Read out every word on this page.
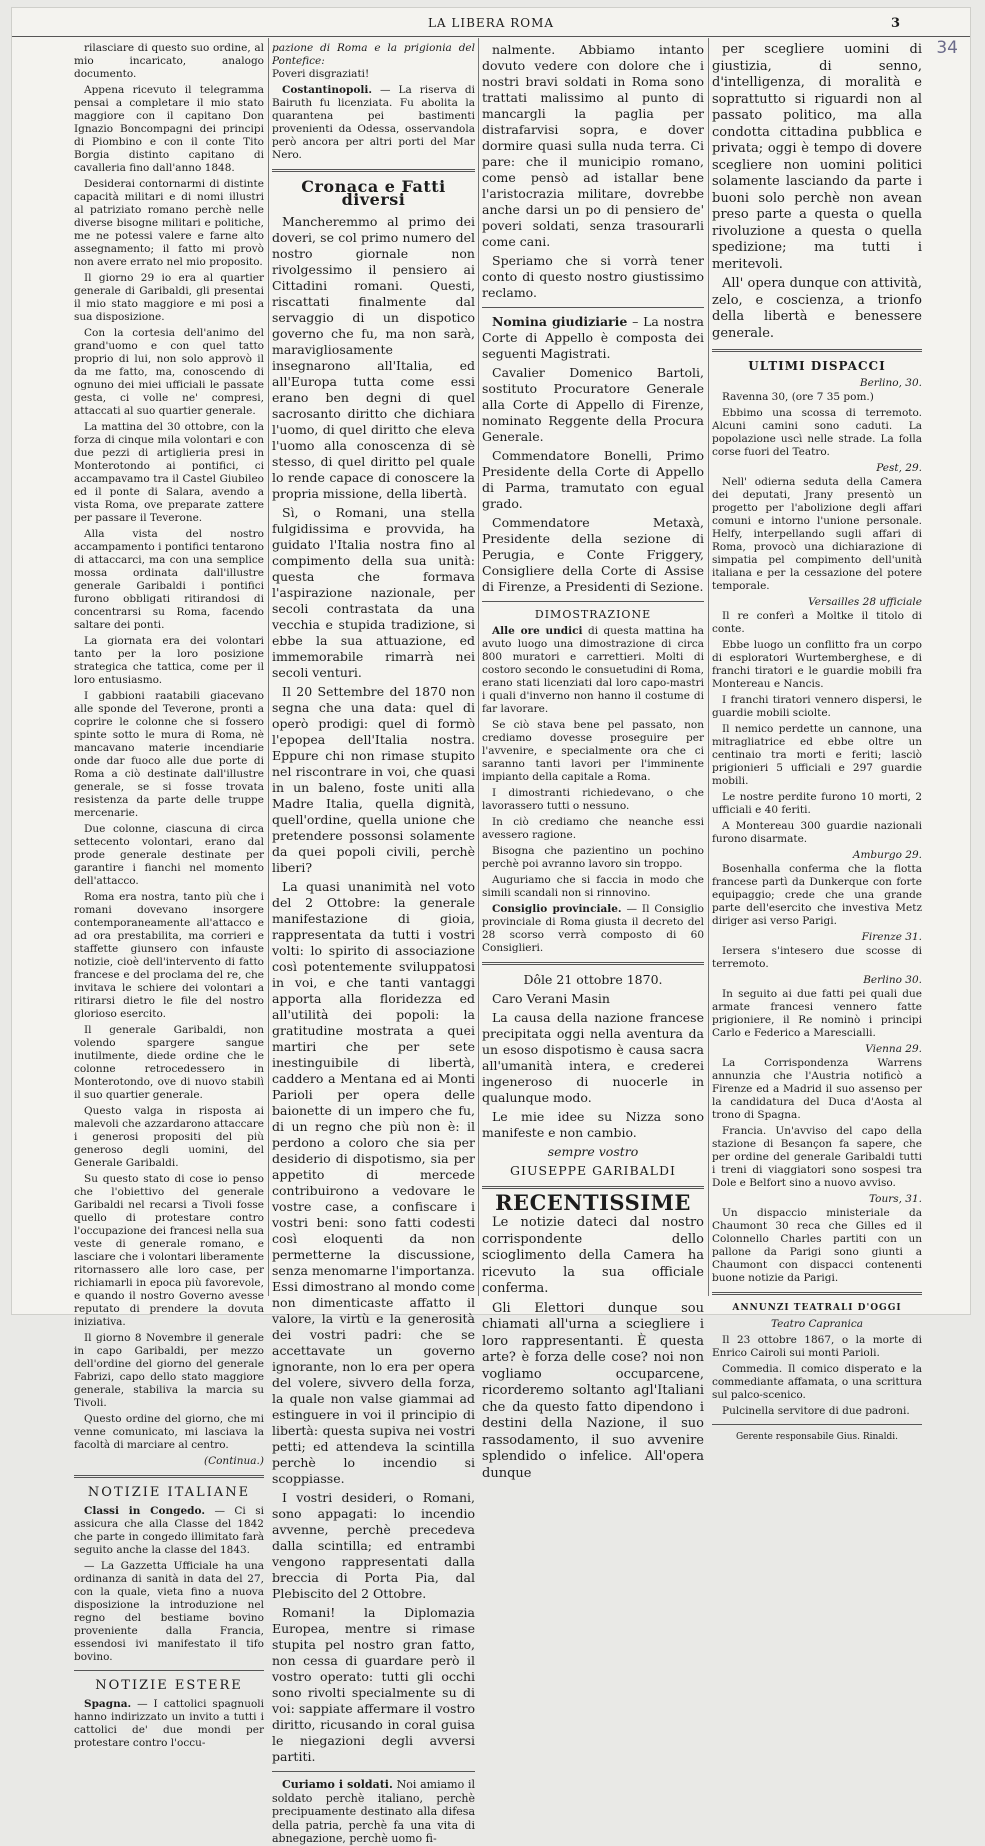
LA LIBERA ROMA	3
34

rilasciare di questo suo ordine, al mio incaricato, analogo documento.

Appena ricevuto il telegramma pensai a completare il mio stato maggiore con il capitano Don Ignazio Boncompagni dei principi di Piombino e con il conte Tito Borgia distinto capitano di cavalleria fino dall'anno 1848.

Desiderai contornarmi di distinte capacità militari e di nomi illustri al patriziato romano perchè nelle diverse bisogne militari e politiche, me ne potessi valere e farne alto assegnamento; il fatto mi provò non avere errato nel mio proposito.

Il giorno 29 io era al quartier generale di Garibaldi, gli presentai il mio stato maggiore e mi posi a sua disposizione.

Con la cortesia dell'animo del grand'uomo e con quel tatto proprio di lui, non solo approvò il da me fatto, ma, conoscendo di ognuno dei miei ufficiali le passate gesta, ci volle ne' compresi, attaccati al suo quartier generale.

La mattina del 30 ottobre, con la forza di cinque mila volontari e con due pezzi di artiglieria presi in Monterotondo ai pontifici, ci accampavamo tra il Castel Giubileo ed il ponte di Salara, avendo a vista Roma, ove preparate zattere per passare il Teverone.

Alla vista del nostro accampamento i pontifici tentarono di attaccarci, ma con una semplice mossa ordinata dall'illustre generale Garibaldi i pontifici furono obbligati ritirandosi di concentrarsi su Roma, facendo saltare dei ponti.

La giornata era dei volontari tanto per la loro posizione strategica che tattica, come per il loro entusiasmo.

I gabbioni raatabili giacevano alle sponde del Teverone, pronti a coprire le colonne che si fossero spinte sotto le mura di Roma, nè mancavano materie incendiarie onde dar fuoco alle due porte di Roma a ciò destinate dall'illustre generale, se si fosse trovata resistenza da parte delle truppe mercenarie.

Due colonne, ciascuna di circa settecento volontari, erano dal prode generale destinate per garantire i fianchi nel momento dell'attacco.

Roma era nostra, tanto più che i romani dovevano insorgere contemporaneamente all'attacco e ad ora prestabilita, ma corrieri e staffette giunsero con infauste notizie, cioè dell'intervento di fatto francese e del proclama del re, che invitava le schiere dei volontari a ritirarsi dietro le file del nostro glorioso esercito.

Il generale Garibaldi, non volendo spargere sangue inutilmente, diede ordine che le colonne retrocedessero in Monterotondo, ove di nuovo stabilì il suo quartier generale.

Questo valga in risposta ai malevoli che azzardarono attaccare i generosi propositi del più generoso degli uomini, del Generale Garibaldi.

Su questo stato di cose io penso che l'obiettivo del generale Garibaldi nel recarsi a Tivoli fosse quello di protestare contro l'occupazione dei francesi nella sua veste di generale romano, e lasciare che i volontari liberamente ritornassero alle loro case, per richiamarli in epoca più favorevole, e quando il nostro Governo avesse reputato di prendere la dovuta iniziativa.

Il giorno 8 Novembre il generale in capo Garibaldi, per mezzo dell'ordine del giorno del generale Fabrizi, capo dello stato maggiore generale, stabiliva la marcia su Tivoli.

Questo ordine del giorno, che mi venne comunicato, mi lasciava la facoltà di marciare al centro.

(Continua.)

NOTIZIE ITALIANE

Classi in Congedo. — Ci si assicura che alla Classe del 1842 che parte in congedo illimitato farà seguito anche la classe del 1843.

— La Gazzetta Ufficiale ha una ordinanza di sanità in data del 27, con la quale, vieta fino a nuova disposizione la introduzione nel regno del bestiame bovino proveniente dalla Francia, essendosi ivi manifestato il tifo bovino.

NOTIZIE ESTERE

Spagna. — I cattolici spagnuoli hanno indirizzato un invito a tutti i cattolici de' due mondi per protestare contro l'occu-

pazione di Roma e la prigionia del Pontefice:
Poveri disgraziati!

Costantinopoli. — La riserva di Bairuth fu licenziata. Fu abolita la quarantena pei bastimenti provenienti da Odessa, osservandola però ancora per altri porti del Mar Nero.

Cronaca e Fatti diversi

Mancheremmo al primo dei doveri, se col primo numero del nostro giornale non rivolgessimo il pensiero ai Cittadini romani. Questi, riscattati finalmente dal servaggio di un dispotico governo che fu, ma non sarà, maravigliosamente insegnarono all'Italia, ed all'Europa tutta come essi erano ben degni di quel sacrosanto diritto che dichiara l'uomo, di quel diritto che eleva l'uomo alla conoscenza di sè stesso, di quel diritto pel quale lo rende capace di conoscere la propria missione, della libertà.

Sì, o Romani, una stella fulgidissima e provvida, ha guidato l'Italia nostra fino al compimento della sua unità: questa che formava l'aspirazione nazionale, per secoli contrastata da una vecchia e stupida tradizione, si ebbe la sua attuazione, ed immemorabile rimarrà nei secoli venturi.

Il 20 Settembre del 1870 non segna che una data: quel di operò prodigi: quel di formò l'epopea dell'Italia nostra. Eppure chi non rimase stupito nel riscontrare in voi, che quasi in un baleno, foste uniti alla Madre Italia, quella dignità, quell'ordine, quella unione che pretendere possonsi solamente da quei popoli civili, perchè liberi?

La quasi unanimità nel voto del 2 Ottobre: la generale manifestazione di gioia, rappresentata da tutti i vostri volti: lo spirito di associazione così potentemente sviluppatosi in voi, e che tanti vantaggi apporta alla floridezza ed all'utilità dei popoli: la gratitudine mostrata a quei martiri che per sete inestinguibile di libertà, caddero a Mentana ed ai Monti Parioli per opera delle baionette di un impero che fu, di un regno che più non è: il perdono a coloro che sia per desiderio di dispotismo, sia per appetito di mercede contribuirono a vedovare le vostre case, a confiscare i vostri beni: sono fatti codesti così eloquenti da non permetterne la discussione, senza menomarne l'importanza. Essi dimostrano al mondo come non dimenticaste affatto il valore, la virtù e la generosità dei vostri padri: che se accettavate un governo ignorante, non lo era per opera del volere, sivvero della forza, la quale non valse giammai ad estinguere in voi il principio di libertà: questa supiva nei vostri petti; ed attendeva la scintilla perchè lo incendio si scoppiasse.

I vostri desideri, o Romani, sono appagati: lo incendio avvenne, perchè precedeva dalla scintilla; ed entrambi vengono rappresentati dalla breccia di Porta Pia, dal Plebiscito del 2 Ottobre.

Romani! la Diplomazia Europea, mentre si rimase stupita pel nostro gran fatto, non cessa di guardare però il vostro operato: tutti gli occhi sono rivolti specialmente su di voi: sappiate affermare il vostro diritto, ricusando in coral guisa le niegazioni degli avversi partiti.

Curiamo i soldati. Noi amiamo il soldato perchè italiano, perchè precipuamente destinato alla difesa della patria, perchè fa una vita di abnegazione, perchè uomo fi-

nalmente. Abbiamo intanto dovuto vedere con dolore che i nostri bravi soldati in Roma sono trattati malissimo al punto di mancargli la paglia per distrafarvisi sopra, e dover dormire quasi sulla nuda terra. Ci pare: che il municipio romano, come pensò ad istallar bene l'aristocrazia militare, dovrebbe anche darsi un po di pensiero de' poveri soldati, senza trasourarli come cani.

Speriamo che si vorrà tener conto di questo nostro giustissimo reclamo.

Nomina giudiziarie – La nostra Corte di Appello è composta dei seguenti Magistrati.

Cavalier Domenico Bartoli, sostituto Procuratore Generale alla Corte di Appello di Firenze, nominato Reggente della Procura Generale.

Commendatore Bonelli, Primo Presidente della Corte di Appello di Parma, tramutato con egual grado.

Commendatore Metaxà, Presidente della sezione di Perugia, e Conte Friggery, Consigliere della Corte di Assise di Firenze, a Presidenti di Sezione.

DIMOSTRAZIONE

Alle ore undici di questa mattina ha avuto luogo una dimostrazione di circa 800 muratori e carrettieri. Molti di costoro secondo le consuetudini di Roma, erano stati licenziati dal loro capo-mastri i quali d'inverno non hanno il costume di far lavorare.

Se ciò stava bene pel passato, non crediamo dovesse proseguire per l'avvenire, e specialmente ora che ci saranno tanti lavori per l'imminente impianto della capitale a Roma.

I dimostranti richiedevano, o che lavorassero tutti o nessuno.

In ciò crediamo che neanche essi avessero ragione.

Bisogna che pazientino un pochino perchè poi avranno lavoro sin troppo.

Auguriamo che si faccia in modo che simili scandali non si rinnovino.

Consiglio provinciale. — Il Consiglio provinciale di Roma giusta il decreto del 28 scorso verrà composto di 60 Consiglieri.

Dôle 21 ottobre 1870.

Caro Verani Masin

La causa della nazione francese precipitata oggi nella aventura da un esoso dispotismo è causa sacra all'umanità intera, e crederei ingeneroso di nuocerle in qualunque modo.

Le mie idee su Nizza sono manifeste e non cambio.

sempre vostro

GIUSEPPE GARIBALDI

RECENTISSIME

Le notizie dateci dal nostro corrispondente dello scioglimento della Camera ha ricevuto la sua officiale conferma.

Gli Elettori dunque sou chiamati all'urna a sciegliere i loro rappresentanti. È questa arte? è forza delle cose? noi non vogliamo occuparcene, ricorderemo soltanto agl'Italiani che da questo fatto dipendono i destini della Nazione, il suo rassodamento, il suo avvenire splendido o infelice. All'opera dunque

per scegliere uomini di giustizia, di senno, d'intelligenza, di moralità e soprattutto si riguardi non al passato politico, ma alla condotta cittadina pubblica e privata; oggi è tempo di dovere scegliere non uomini politici solamente lasciando da parte i buoni solo perchè non avean preso parte a questa o quella rivoluzione a questa o quella spedizione; ma tutti i meritevoli.

All' opera dunque con attività, zelo, e coscienza, a trionfo della libertà e benessere generale.

ULTIMI DISPACCI

Berlino, 30.

Ravenna 30, (ore 7 35 pom.)

Ebbimo una scossa di terremoto. Alcuni camini sono caduti. La popolazione uscì nelle strade. La folla corse fuori del Teatro.

Pest, 29.

Nell' odierna seduta della Camera dei deputati, Jrany presentò un progetto per l'abolizione degli affari comuni e intorno l'unione personale. Helfy, interpellando sugli affari di Roma, provocò una dichiarazione di simpatia pel compimento dell'unità italiana e per la cessazione del potere temporale.

Versailles 28 ufficiale

Il re conferì a Moltke il titolo di conte.

Ebbe luogo un conflitto fra un corpo di esploratori Wurtemberghese, e di franchi tiratori e le guardie mobili fra Montereau e Nancis.

I franchi tiratori vennero dispersi, le guardie mobili sciolte.

Il nemico perdette un cannone, una mitragliatrice ed ebbe oltre un centinaio tra morti e feriti; lasciò prigionieri 5 ufficiali e 297 guardie mobili.

Le nostre perdite furono 10 morti, 2 ufficiali e 40 feriti.

A Montereau 300 guardie nazionali furono disarmate.

Amburgo 29.

Bosenhalla conferma che la flotta francese partì da Dunkerque con forte equipaggio; crede che una grande parte dell'esercito che investiva Metz diriger asi verso Parigi.

Firenze 31.

Iersera s'intesero due scosse di terremoto.

Berlino 30.

In seguito ai due fatti pei quali due armate francesi vennero fatte prigioniere, il Re nominò i principi Carlo e Federico a Marescialli.

Vienna 29.

La Corrispondenza Warrens annunzia che l'Austria notificò a Firenze ed a Madrid il suo assenso per la candidatura del Duca d'Aosta al trono di Spagna.

Francia. Un'avviso del capo della stazione di Besançon fa sapere, che per ordine del generale Garibaldi tutti i treni di viaggiatori sono sospesi tra Dole e Belfort sino a nuovo avviso.

Tours, 31.

Un dispaccio ministeriale da Chaumont 30 reca che Gilles ed il Colonnello Charles partiti con un pallone da Parigi sono giunti a Chaumont con dispacci contenenti buone notizie da Parigi.

ANNUNZI TEATRALI D'OGGI

Teatro Capranica

Il 23 ottobre 1867, o la morte di Enrico Cairoli sui monti Parioli.

Commedia. Il comico disperato e la commediante affamata, o una scrittura sul palco-scenico.

Pulcinella servitore di due padroni.

Gerente responsabile Gius. Rinaldi.
